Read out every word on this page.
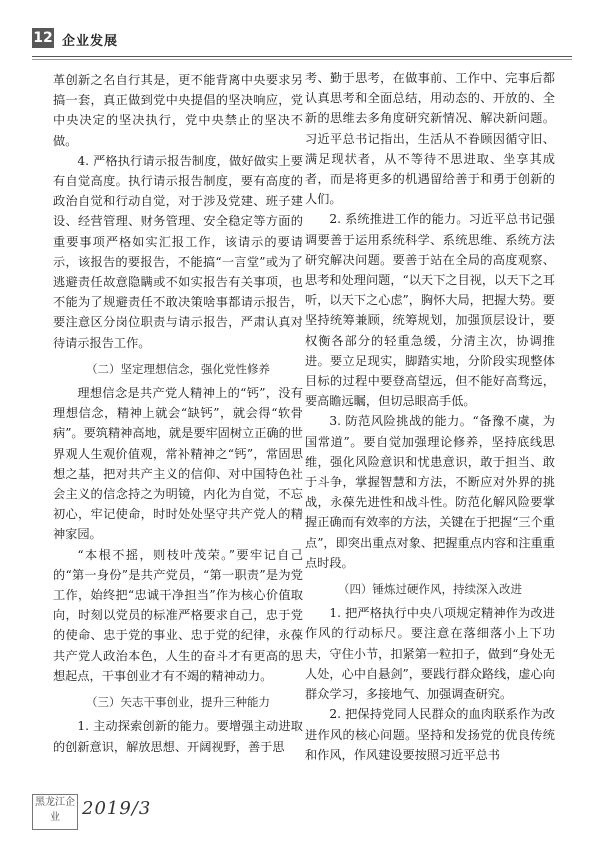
12 企业发展

革创新之名自行其是，更不能背离中央要求另搞一套，真正做到党中央提倡的坚决响应，党中央决定的坚决执行，党中央禁止的坚决不做。

4. 严格执行请示报告制度，做好做实上要有自觉高度。执行请示报告制度，要有高度的政治自觉和行动自觉，对于涉及党建、班子建设、经营管理、财务管理、安全稳定等方面的重要事项严格如实汇报工作，该请示的要请示，该报告的要报告，不能搞“一言堂”或为了逃避责任故意隐瞒或不如实报告有关事项，也不能为了规避责任不敢决策啥事都请示报告，要注意区分岗位职责与请示报告，严肃认真对待请示报告工作。

（二）坚定理想信念，强化党性修养

理想信念是共产党人精神上的“钙”，没有理想信念，精神上就会“缺钙”，就会得“软骨病”。要筑精神高地，就是要牢固树立正确的世界观人生观价值观，常补精神之“钙”，常固思想之基，把对共产主义的信仰、对中国特色社会主义的信念持之为明镜，内化为自觉，不忘初心，牢记使命，时时处处坚守共产党人的精神家园。

“本根不摇，则枝叶茂荣。”要牢记自己的“第一身份”是共产党员，“第一职责”是为党工作，始终把“忠诚干净担当”作为核心价值取向，时刻以党员的标准严格要求自己，忠于党的使命、忠于党的事业、忠于党的纪律，永葆共产党人政治本色，人生的奋斗才有更高的思想起点，干事创业才有不竭的精神动力。

（三）矢志干事创业，提升三种能力

1. 主动探索创新的能力。要增强主动进取的创新意识，解放思想、开阔视野，善于思

考、勤于思考，在做事前、工作中、完事后都认真思考和全面总结，用动态的、开放的、全新的思维去多角度研究新情况、解决新问题。习近平总书记指出，生活从不眷顾因循守旧、满足现状者，从不等待不思进取、坐享其成者，而是将更多的机遇留给善于和勇于创新的人们。

2. 系统推进工作的能力。习近平总书记强调要善于运用系统科学、系统思维、系统方法研究解决问题。要善于站在全局的高度观察、思考和处理问题，“以天下之目视，以天下之耳听，以天下之心虑”，胸怀大局，把握大势。要坚持统筹兼顾，统筹规划，加强顶层设计，要权衡各部分的轻重急缓，分清主次，协调推进。要立足现实，脚踏实地，分阶段实现整体目标的过程中要登高望远，但不能好高骛远，要高瞻远瞩，但切忌眼高手低。

3. 防范风险挑战的能力。“备豫不虞，为国常道”。要自觉加强理论修养，坚持底线思维，强化风险意识和忧患意识，敢于担当、敢于斗争，掌握智慧和方法，不断应对外界的挑战，永葆先进性和战斗性。防范化解风险要掌握正确而有效率的方法，关键在于把握“三个重点”，即突出重点对象、把握重点内容和注重重点时段。

（四）锤炼过硬作风，持续深入改进

1. 把严格执行中央八项规定精神作为改进作风的行动标尺。要注意在落细落小上下功夫，守住小节，扣紧第一粒扣子，做到“身处无人处，心中自悬剑”，要践行群众路线，虚心向群众学习，多接地气、加强调查研究。

2. 把保持党同人民群众的血肉联系作为改进作风的核心问题。坚持和发扬党的优良传统和作风，作风建设要按照习近平总书

黑龙江企业	2019/3
